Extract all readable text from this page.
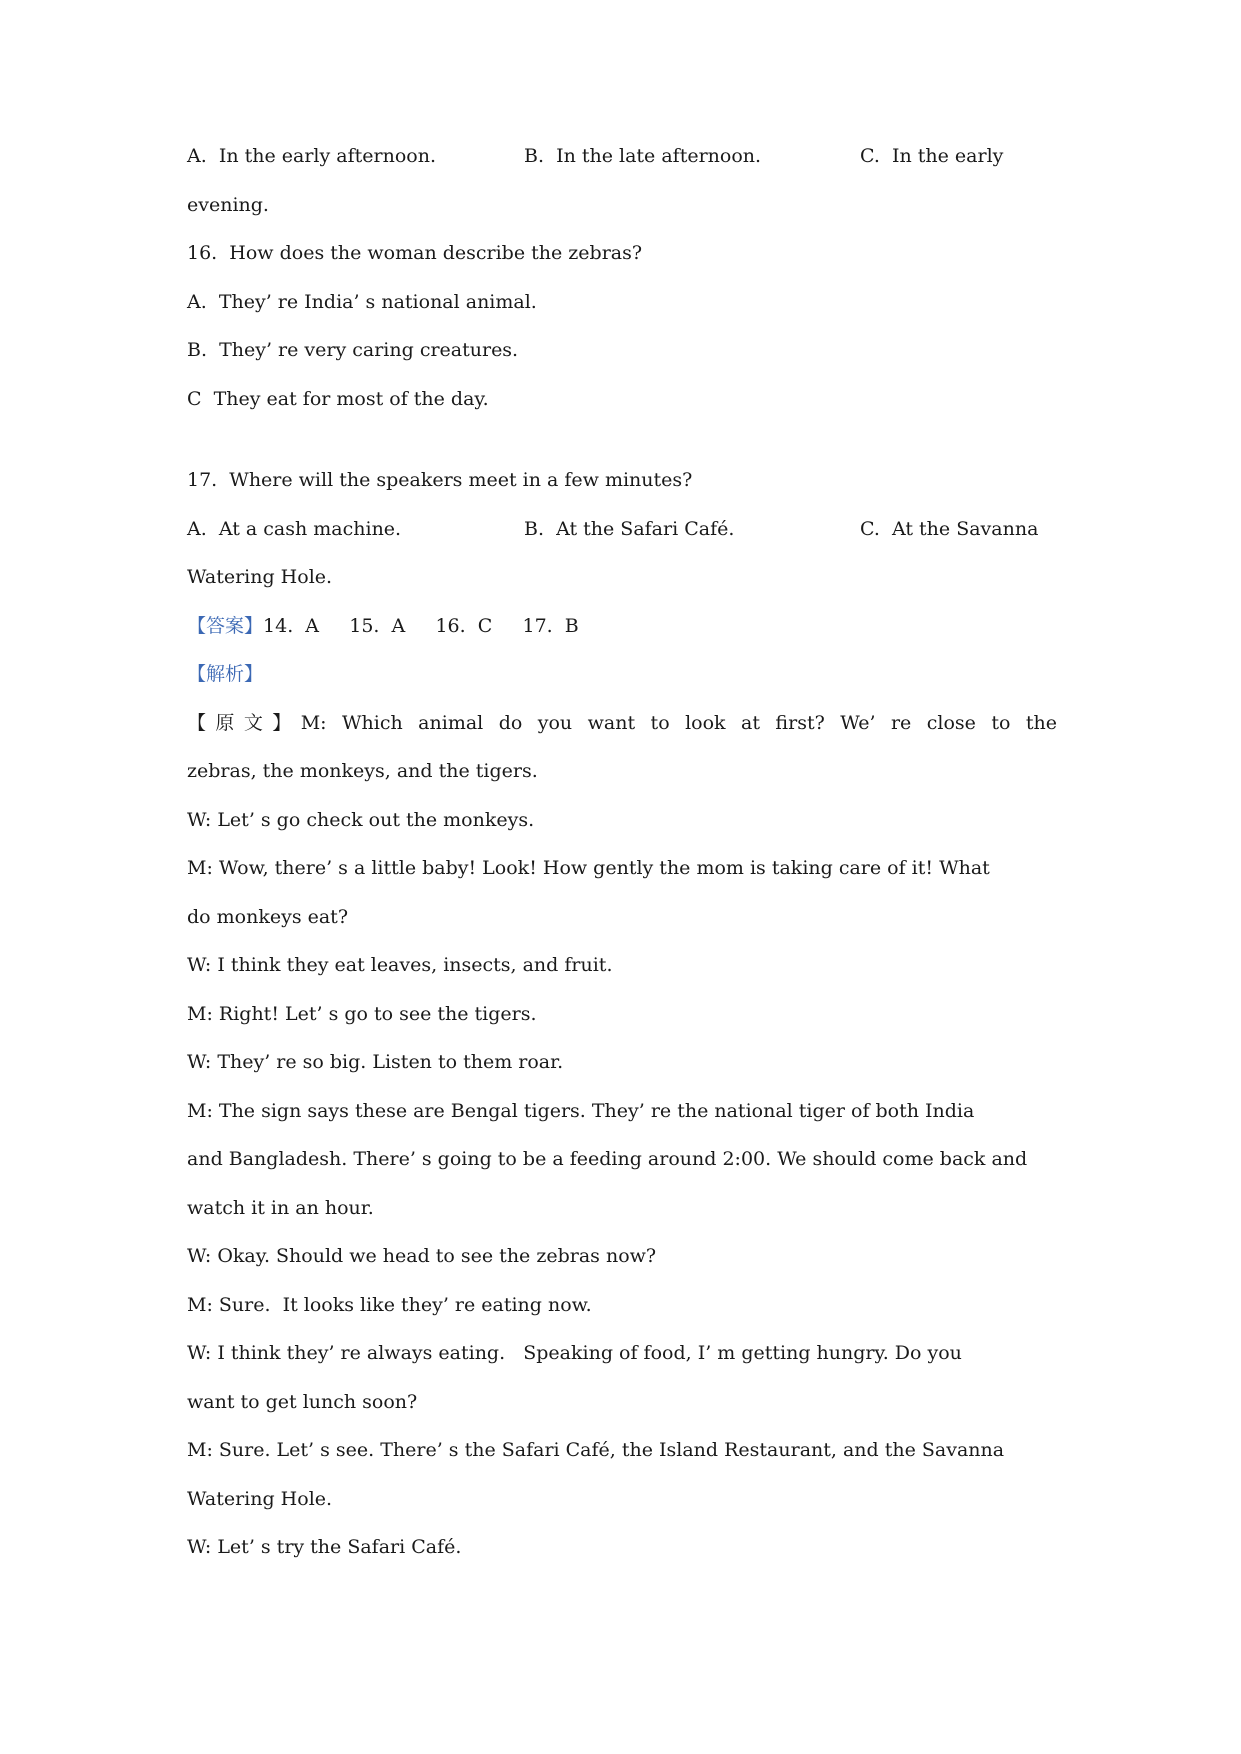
A.  In the early afternoon.	B.  In the late afternoon.	C.  In the early
evening.
16.  How does the woman describe the zebras?
A.  They’ re India’ s national animal.
B.  They’ re very caring creatures.
C  They eat for most of the day.
17.  Where will the speakers meet in a few minutes?
A.  At a cash machine.	B.  At the Safari Café.	C.  At the Savanna
Watering Hole.
【答案】14.  A     15.  A     16.  C     17.  B
【解析】
【原文】M: Which animal do you want to look at first? We’ re close to the
zebras, the monkeys, and the tigers.
W: Let’ s go check out the monkeys.
M: Wow, there’ s a little baby! Look! How gently the mom is taking care of it! What
do monkeys eat?
W: I think they eat leaves, insects, and fruit.
M: Right! Let’ s go to see the tigers.
W: They’ re so big. Listen to them roar.
M: The sign says these are Bengal tigers. They’ re the national tiger of both India
and Bangladesh. There’ s going to be a feeding around 2:00. We should come back and
watch it in an hour.
W: Okay. Should we head to see the zebras now?
M: Sure.  It looks like they’ re eating now.
W: I think they’ re always eating.   Speaking of food, I’ m getting hungry. Do you
want to get lunch soon?
M: Sure. Let’ s see. There’ s the Safari Café, the Island Restaurant, and the Savanna
Watering Hole.
W: Let’ s try the Safari Café.
